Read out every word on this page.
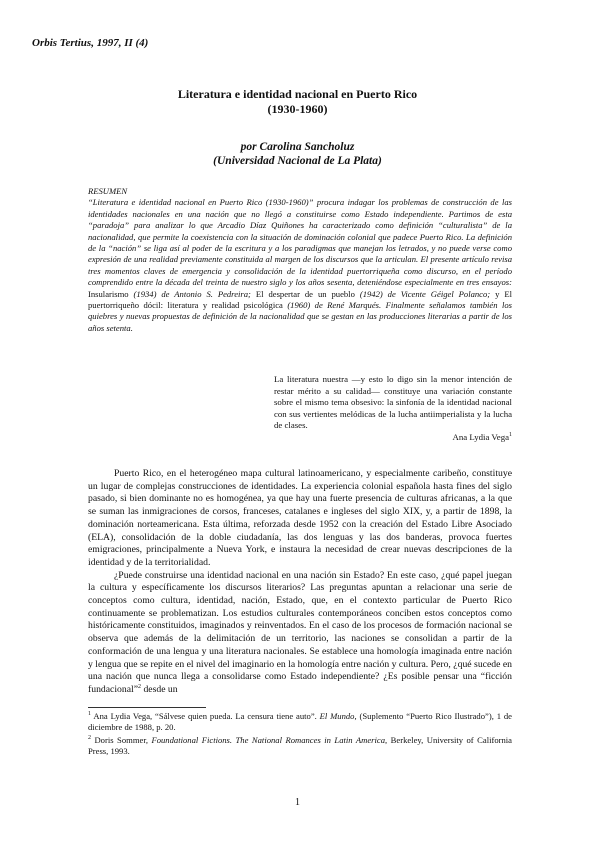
Orbis Tertius, 1997, II (4)
Literatura e identidad nacional en Puerto Rico
(1930-1960)
por Carolina Sancholuz
(Universidad Nacional de La Plata)
RESUMEN
“Literatura e identidad nacional en Puerto Rico (1930-1960)” procura indagar los problemas de construcción de las identidades nacionales en una nación que no llegó a constituirse como Estado independiente. Partimos de esta “paradoja” para analizar lo que Arcadio Díaz Quiñones ha caracterizado como definición “culturalista” de la nacionalidad, que permite la coexistencia con la situación de dominación colonial que padece Puerto Rico. La definición de la “nación” se liga así al poder de la escritura y a los paradigmas que manejan los letrados, y no puede verse como expresión de una realidad previamente constituida al margen de los discursos que la articulan. El presente artículo revisa tres momentos claves de emergencia y consolidación de la identidad puertorriqueña como discurso, en el período comprendido entre la década del treinta de nuestro siglo y los años sesenta, deteniéndose especialmente en tres ensayos: Insularismo (1934) de Antonio S. Pedreira; El despertar de un pueblo (1942) de Vicente Géigel Polanco; y El puertorriqueño dócil: literatura y realidad psicológica (1960) de René Marqués. Finalmente señalamos también los quiebres y nuevas propuestas de definición de la nacionalidad que se gestan en las producciones literarias a partir de los años setenta.
La literatura nuestra —y esto lo digo sin la menor intención de restar mérito a su calidad— constituye una variación constante sobre el mismo tema obsesivo: la sinfonía de la identidad nacional con sus vertientes melódicas de la lucha antiimperialista y la lucha de clases.
Ana Lydia Vega$^1$

Puerto Rico, en el heterogéneo mapa cultural latinoamericano, y especialmente caribeño, constituye un lugar de complejas construcciones de identidades. La experiencia colonial española hasta fines del siglo pasado, si bien dominante no es homogénea, ya que hay una fuerte presencia de culturas africanas, a la que se suman las inmigraciones de corsos, franceses, catalanes e ingleses del siglo XIX, y, a partir de 1898, la dominación norteamericana. Esta última, reforzada desde 1952 con la creación del Estado Libre Asociado (ELA), consolidación de la doble ciudadanía, las dos lenguas y las dos banderas, provoca fuertes emigraciones, principalmente a Nueva York, e instaura la necesidad de crear nuevas descripciones de la identidad y de la territorialidad.

¿Puede construirse una identidad nacional en una nación sin Estado? En este caso, ¿qué papel juegan la cultura y específicamente los discursos literarios? Las preguntas apuntan a relacionar una serie de conceptos como cultura, identidad, nación, Estado, que, en el contexto particular de Puerto Rico continuamente se problematizan. Los estudios culturales contemporáneos conciben estos conceptos como históricamente constituidos, imaginados y reinventados. En el caso de los procesos de formación nacional se observa que además de la delimitación de un territorio, las naciones se consolidan a partir de la conformación de una lengua y una literatura nacionales. Se establece una homología imaginada entre nación y lengua que se repite en el nivel del imaginario en la homología entre nación y cultura. Pero, ¿qué sucede en una nación que nunca llega a consolidarse como Estado independiente? ¿Es posible pensar una “ficción fundacional”$^2$ desde un

$^1$ Ana Lydia Vega, “Sálvese quien pueda. La censura tiene auto”. El Mundo, (Suplemento “Puerto Rico Ilustrado”), 1 de diciembre de 1988, p. 20.
$^2$ Doris Sommer, Foundational Fictions. The National Romances in Latin America, Berkeley, University of California Press, 1993.
1
